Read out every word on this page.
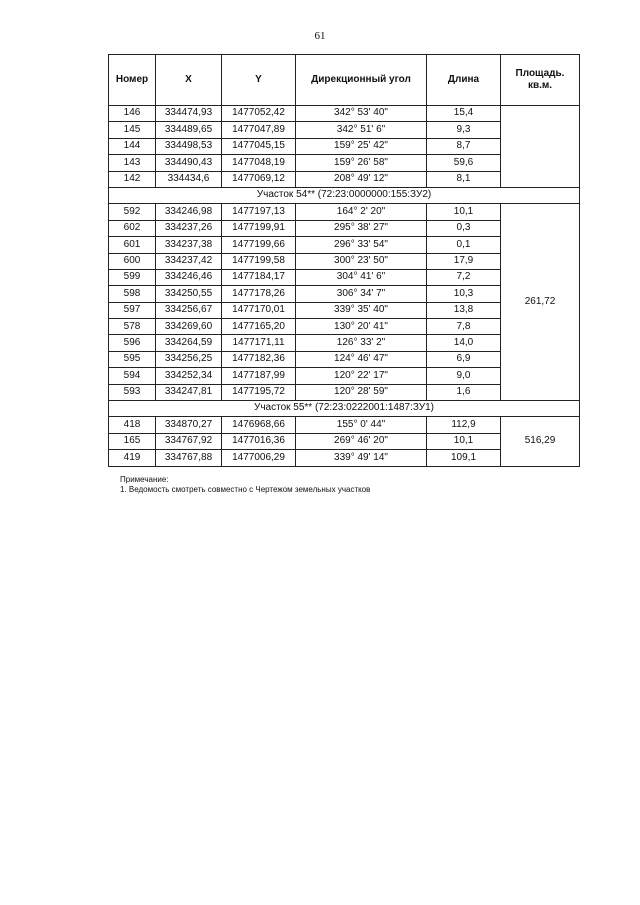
61
Номер	X	Y	Дирекционный угол	Длина	Площадь.
кв.м.
146	334474,93	1477052,42	342° 53' 40"	15,4	
145	334489,65	1477047,89	342° 51' 6"	9,3	
144	334498,53	1477045,15	159° 25' 42"	8,7	
143	334490,43	1477048,19	159° 26' 58"	59,6	
142	334434,6	1477069,12	208° 49' 12"	8,1	
Участок 54** (72:23:0000000:155:ЗУ2)					
592	334246,98	1477197,13	164° 2' 20"	10,1	261,72
602	334237,26	1477199,91	295° 38' 27"	0,3	
601	334237,38	1477199,66	296° 33' 54"	0,1	
600	334237,42	1477199,58	300° 23' 50"	17,9	
599	334246,46	1477184,17	304° 41' 6"	7,2	
598	334250,55	1477178,26	306° 34' 7"	10,3	
597	334256,67	1477170,01	339° 35' 40"	13,8	
578	334269,60	1477165,20	130° 20' 41"	7,8	
596	334264,59	1477171,11	126° 33' 2"	14,0	
595	334256,25	1477182,36	124° 46' 47"	6,9	
594	334252,34	1477187,99	120° 22' 17"	9,0	
593	334247,81	1477195,72	120° 28' 59"	1,6	
Участок 55** (72:23:0222001:1487:ЗУ1)					
418	334870,27	1476968,66	155° 0' 44"	112,9	516,29
165	334767,92	1477016,36	269° 46' 20"	10,1	
419	334767,88	1477006,29	339° 49' 14"	109,1	
Примечание:
1. Ведомость смотреть совместно с Чертежом земельных участков
